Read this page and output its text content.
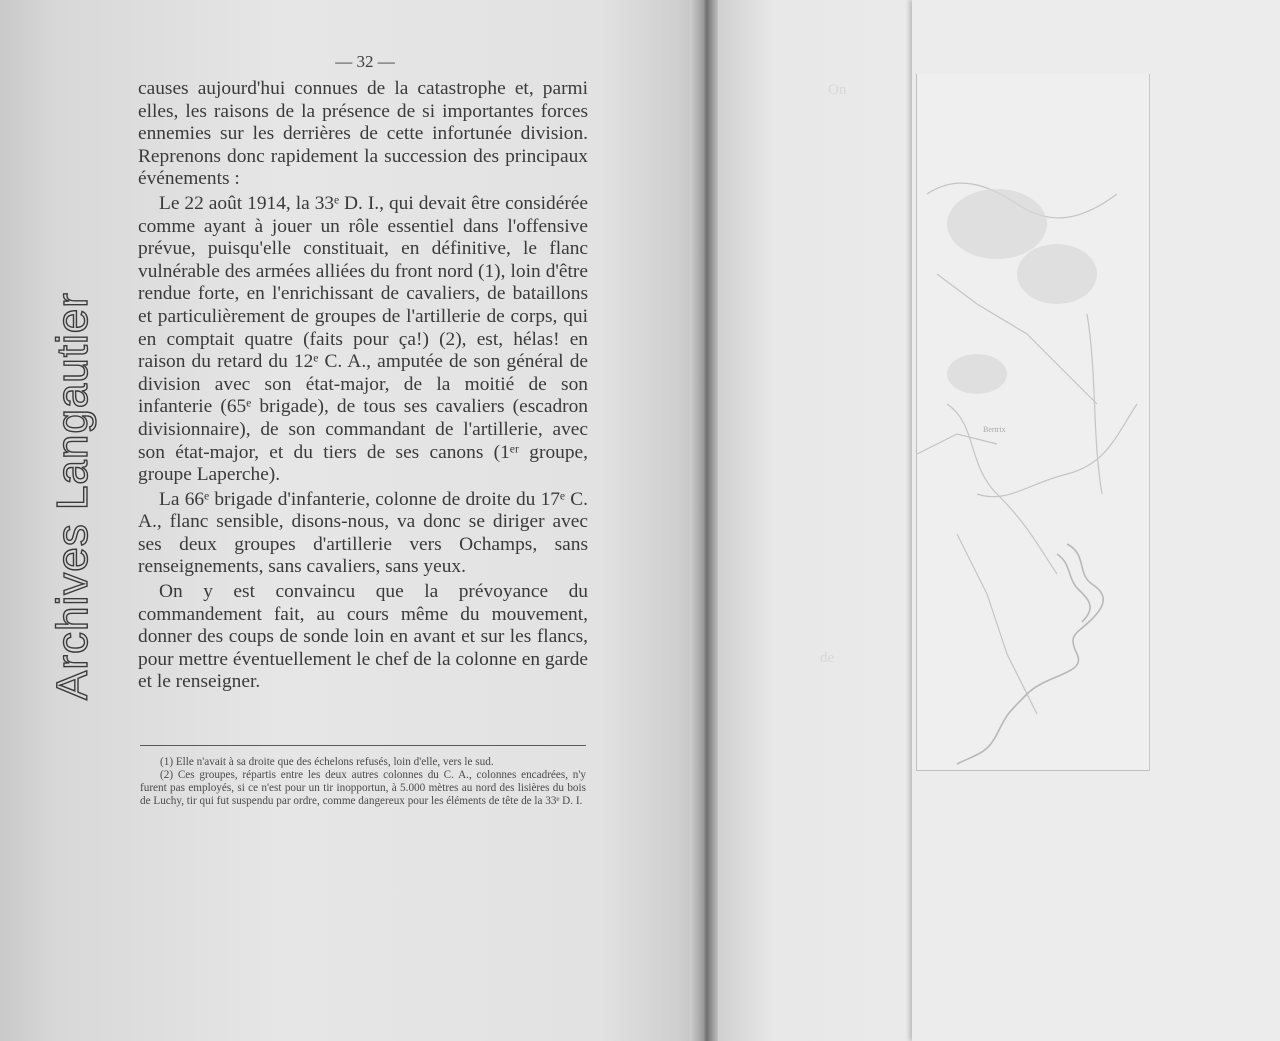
On
de
Bertrix
Archives Langautier
— 32 —

causes aujourd'hui connues de la catastrophe et, parmi elles, les raisons de la présence de si importantes forces ennemies sur les derrières de cette infortunée division. Reprenons donc rapidement la succession des principaux événements :

Le 22 août 1914, la 33ᵉ D. I., qui devait être considérée comme ayant à jouer un rôle essentiel dans l'offensive prévue, puisqu'elle constituait, en définitive, le flanc vulnérable des armées alliées du front nord (1), loin d'être rendue forte, en l'enrichissant de cavaliers, de bataillons et particulièrement de groupes de l'artillerie de corps, qui en comptait quatre (faits pour ça!) (2), est, hélas! en raison du retard du 12ᵉ C. A., amputée de son général de division avec son état-major, de la moitié de son infanterie (65ᵉ brigade), de tous ses cavaliers (escadron divisionnaire), de son commandant de l'artillerie, avec son état-major, et du tiers de ses canons (1ᵉʳ groupe, groupe Laperche).

La 66ᵉ brigade d'infanterie, colonne de droite du 17ᵉ C. A., flanc sensible, disons-nous, va donc se diriger avec ses deux groupes d'artillerie vers Ochamps, sans renseignements, sans cavaliers, sans yeux.

On y est convaincu que la prévoyance du commandement fait, au cours même du mouvement, donner des coups de sonde loin en avant et sur les flancs, pour mettre éventuellement le chef de la colonne en garde et le renseigner.

(1) Elle n'avait à sa droite que des échelons refusés, loin d'elle, vers le sud.

(2) Ces groupes, répartis entre les deux autres colonnes du C. A., colonnes encadrées, n'y furent pas employés, si ce n'est pour un tir inopportun, à 5.000 mètres au nord des lisières du bois de Luchy, tir qui fut suspendu par ordre, comme dangereux pour les éléments de tête de la 33ᵉ D. I.
